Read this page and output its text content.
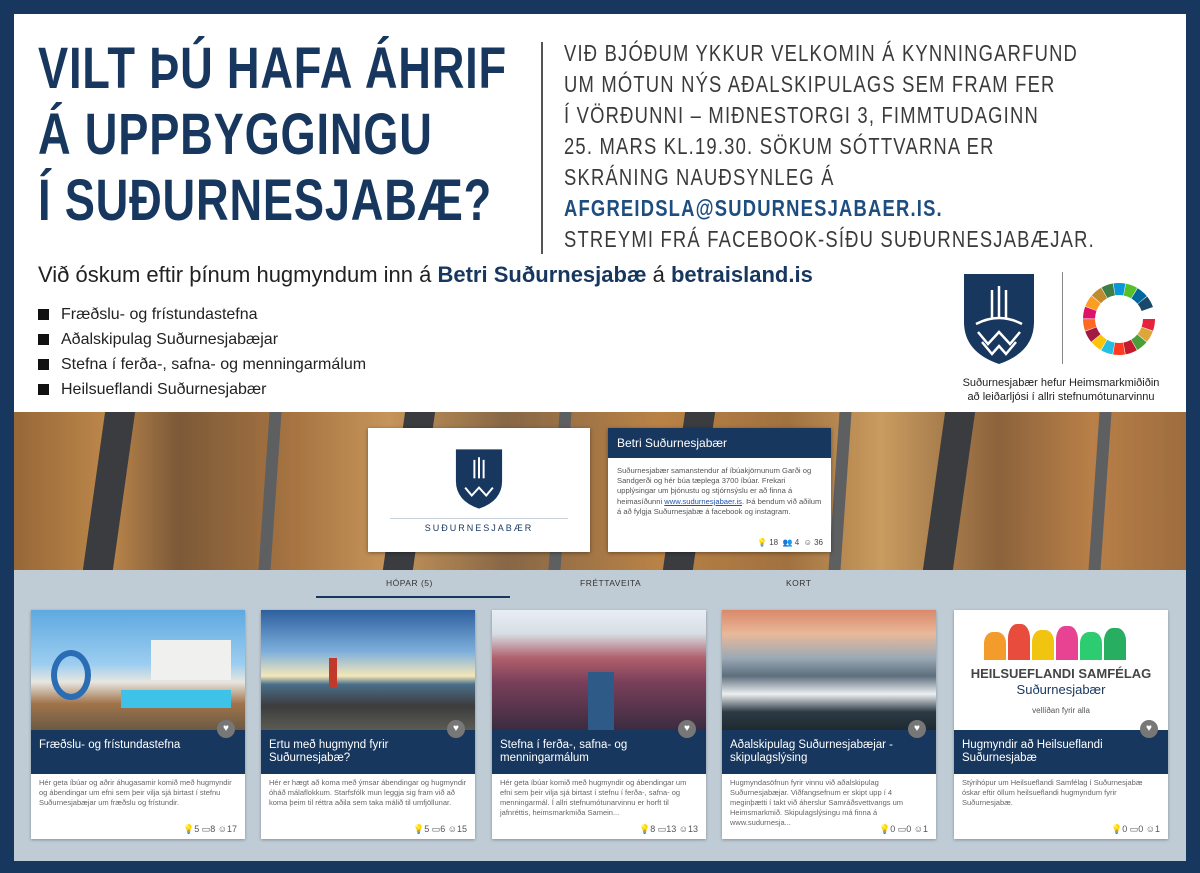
VILT ÞÚ HAFA ÁHRIF
Á UPPBYGGINGU
Í SUÐURNESJABÆ?
VIÐ BJÓÐUM YKKUR VELKOMIN Á KYNNINGARFUND
UM MÓTUN NÝS AÐALSKIPULAGS SEM FRAM FER
Í VÖRÐUNNI – MIÐNESTORGI 3, FIMMTUDAGINN
25. MARS KL.19.30. SÖKUM SÓTTVARNA ER
SKRÁNING NAUÐSYNLEG Á
AFGREIDSLA@SUDURNESJABAER.IS.
STREYMI FRÁ FACEBOOK-SÍÐU SUÐURNESJABÆJAR.
Við óskum eftir þínum hugmyndum inn á Betri Suðurnesjabæ á betraisland.is
Fræðslu- og frístundastefna
Aðalskipulag Suðurnesjabæjar
Stefna í ferða-, safna- og menningarmálum
Heilsueflandi Suðurnesjabær	Suðurnesjabær hefur Heimsmarkmiðiðin
að leiðarljósi í allri stefnumótunarvinnu
SUÐURNESJABÆR
Betri Suðurnesjabær
Suðurnesjabær samanstendur af íbúakjörnunum Garði og Sandgerði og hér búa tæplega 3700 íbúar. Frekari upplýsingar um þjónustu og stjórnsýslu er að finna á heimasíðunni www.sudurnesjabaer.is. Þá bendum við aðilum á að fylgja Suðurnesjabæ á facebook og instagram.
💡 18 👥 4 ☺ 36
HÓPAR (5)	FRÉTTAVEITA	KORT
Fræðslu- og frístundastefna
♥
Hér geta íbúar og aðrir áhugasamir komið með hugmyndir og ábendingar um efni sem þeir vilja sjá birtast í stefnu Suðurnesjabæjar um fræðslu og frístundir.
💡5 ▭8 ☺17
Ertu með hugmynd fyrir Suðurnesjabæ?
♥
Hér er hægt að koma með ýmsar ábendingar og hugmyndir óháð málaflokkum. Starfsfólk mun leggja sig fram við að koma þeim til réttra aðila sem taka málið til umfjöllunar.
💡5 ▭6 ☺15
Stefna í ferða-, safna- og menningarmálum
♥
Hér geta íbúar komið með hugmyndir og ábendingar um efni sem þeir vilja sjá birtast í stefnu í ferða-, safna- og menningarmál. Í allri stefnumótunarvinnu er horft til jafnréttis, heimsmarkmiða Samein...
💡8 ▭13 ☺13
Aðalskipulag Suðurnesjabæjar - skipulagslýsing
♥
Hugmyndasöfnun fyrir vinnu við aðalskipulag Suðurnesjabæjar. Viðfangsefnum er skipt upp í 4 meginþætti í takt við áherslur Samráðsvettvangs um Heimsmarkmið. Skipulagslýsingu má finna á www.sudurnesja...
💡0 ▭0 ☺1
HEILSUEFLANDI SAMFÉLAG
Suðurnesjabær
vellíðan fyrir alla
Hugmyndir að Heilsueflandi Suðurnesjabæ
♥
Stýrihópur um Heilsueflandi Samfélag í Suðurnesjabæ óskar eftir öllum heilsueflandi hugmyndum fyrir Suðurnesjabæ.
💡0 ▭0 ☺1
